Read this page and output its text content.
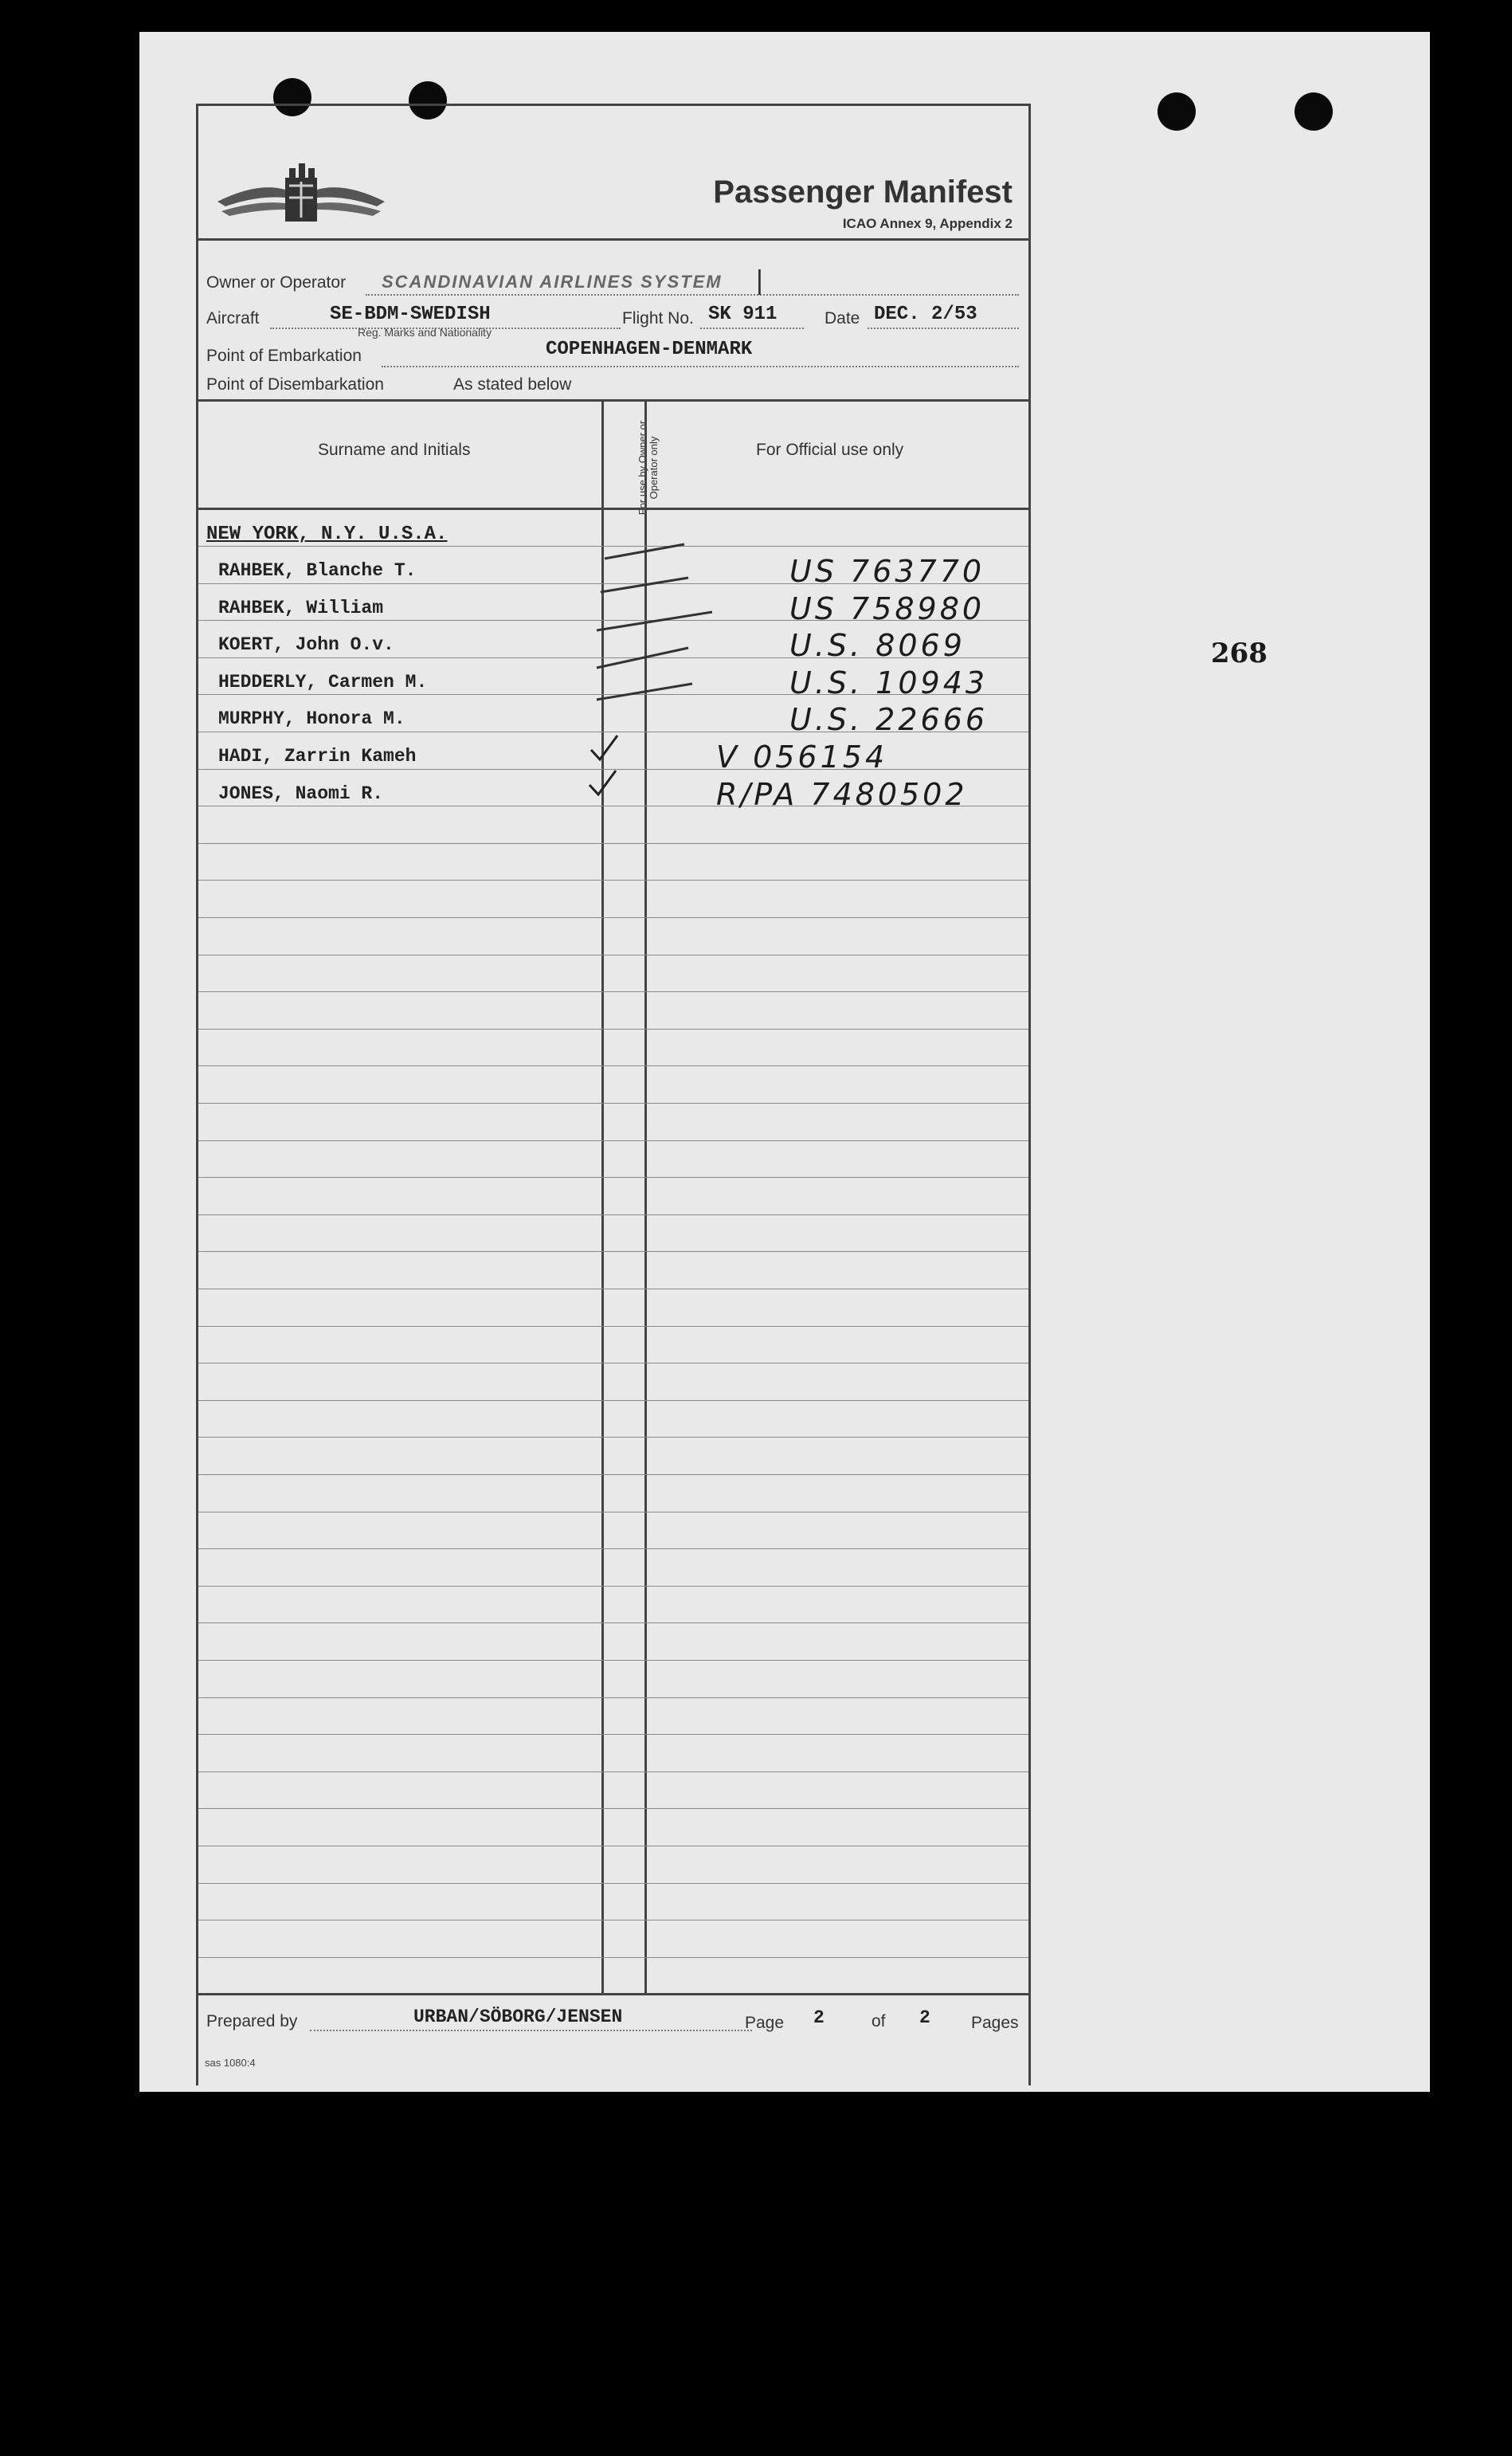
268
Passenger Manifest
ICAO Annex 9, Appendix 2
Owner or Operator SCANDINAVIAN AIRLINES SYSTEM |
Aircraft	SE-BDM-SWEDISH
Reg. Marks and Nationality
Flight No. SK 911	Date DEC. 2/53
Point of Embarkation	COPENHAGEN-DENMARK
Point of Disembarkation	As stated below
Surname and Initials	For use by Owner or Operator only	For Official use only
NEW YORK, N.Y. U.S.A.
RAHBEK, Blanche T.	US 763770
RAHBEK, William	US 758980
KOERT, John O.v.	U.S. 8069
HEDDERLY, Carmen M.	U.S. 10943
MURPHY, Honora M.	U.S. 22666
HADI, Zarrin Kameh	V 056154
JONES, Naomi R.	R/PA 7480502
Prepared by	URBAN/SÖBORG/JENSEN	Page 2	of 2 Pages
sas 1080:4
